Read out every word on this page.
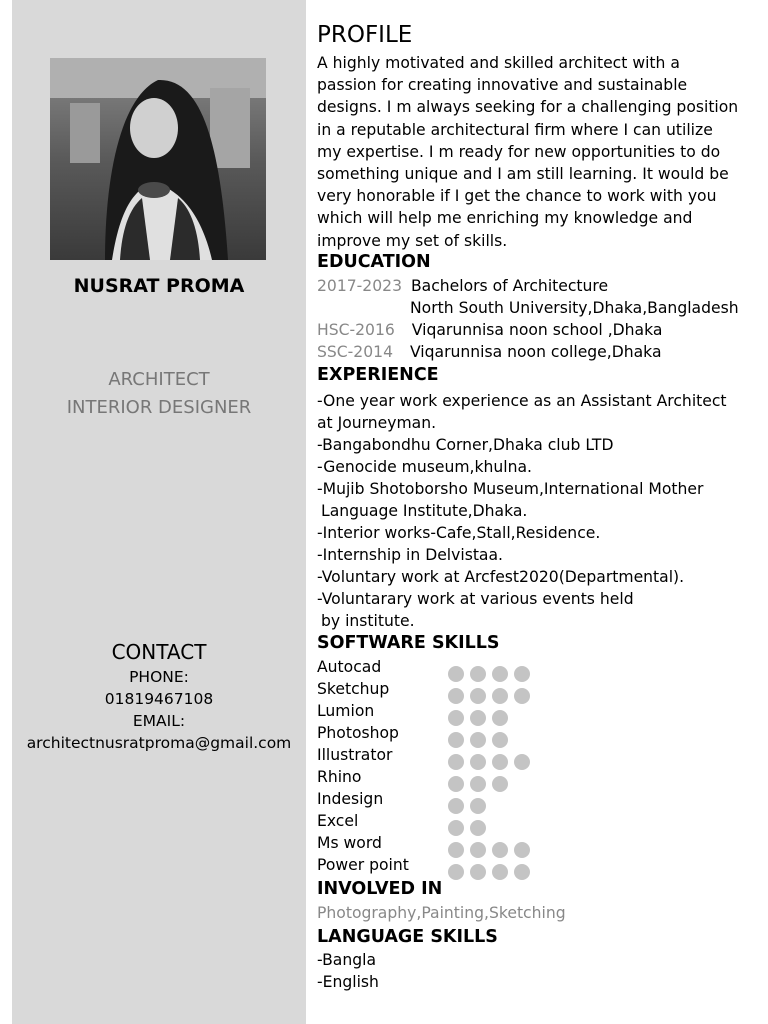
NUSRAT PROMA
ARCHITECT
INTERIOR DESIGNER
CONTACT
PHONE:
01819467108
EMAIL:
architectnusratproma@gmail.com
PROFILE
A highly motivated and skilled architect with a
passion for creating innovative and sustainable
designs. I m always seeking for a challenging position
in a reputable architectural firm where I can utilize
my expertise. I m ready for new opportunities to do
something unique and I am still learning. It would be
very honorable if I get the chance to work with you
which will help me enriching my knowledge and
improve my set of skills.
EDUCATION
2017-2023 Bachelors of Architecture
North South University,Dhaka,Bangladesh
HSC-2016 Viqarunnisa noon school ,Dhaka
SSC-2014 Viqarunnisa noon college,Dhaka
EXPERIENCE
-One year work experience as an Assistant Architect
at Journeyman.
-Bangabondhu Corner,Dhaka club LTD
-Genocide museum,khulna.
-Mujib Shotoborsho Museum,International Mother
Language Institute,Dhaka.
-Interior works-Cafe,Stall,Residence.
-Internship in Delvistaa.
-Voluntary work at Arcfest2020(Departmental).
-Voluntarary work at various events held
by institute.
SOFTWARE SKILLS
Autocad
Sketchup
Lumion
Photoshop
Illustrator
Rhino
Indesign
Excel
Ms word
Power point
INVOLVED IN
Photography,Painting,Sketching
LANGUAGE SKILLS
-Bangla
-English
